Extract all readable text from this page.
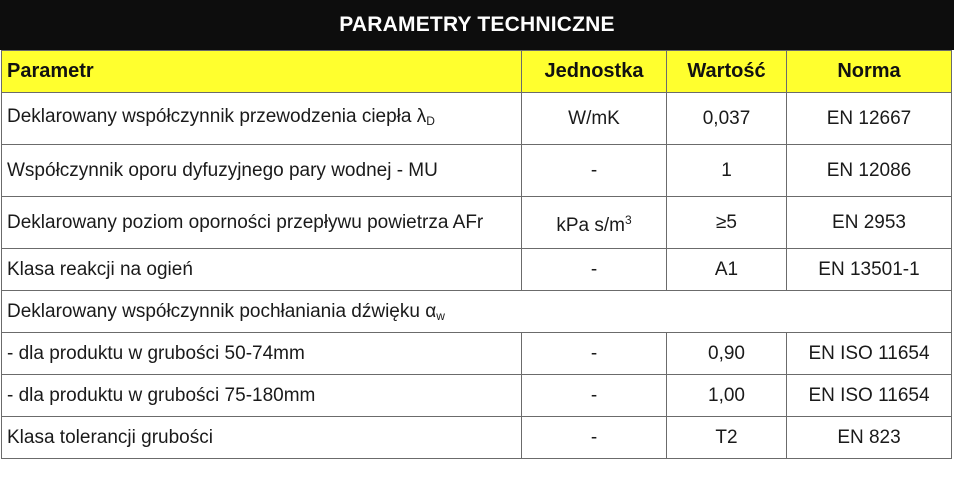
PARAMETRY TECHNICZNE
Parametr	Jednostka	Wartość	Norma
Deklarowany współczynnik przewodzenia ciepła $\lambda_D$	W/mK	0,037	EN 12667
Współczynnik oporu dyfuzyjnego pary wodnej - MU	-	1	EN 12086
Deklarowany poziom oporności przepływu powietrza AFr	kPa $s/m^3$	≥5	EN 2953
Klasa reakcji na ogień	-	A1	EN 13501-1
Deklarowany współczynnik pochłaniania dźwięku $\alpha_w$
- dla produktu w grubości 50-74mm	-	0,90	EN ISO 11654
- dla produktu w grubości 75-180mm	-	1,00	EN ISO 11654
Klasa tolerancji grubości	-	T2	EN 823
